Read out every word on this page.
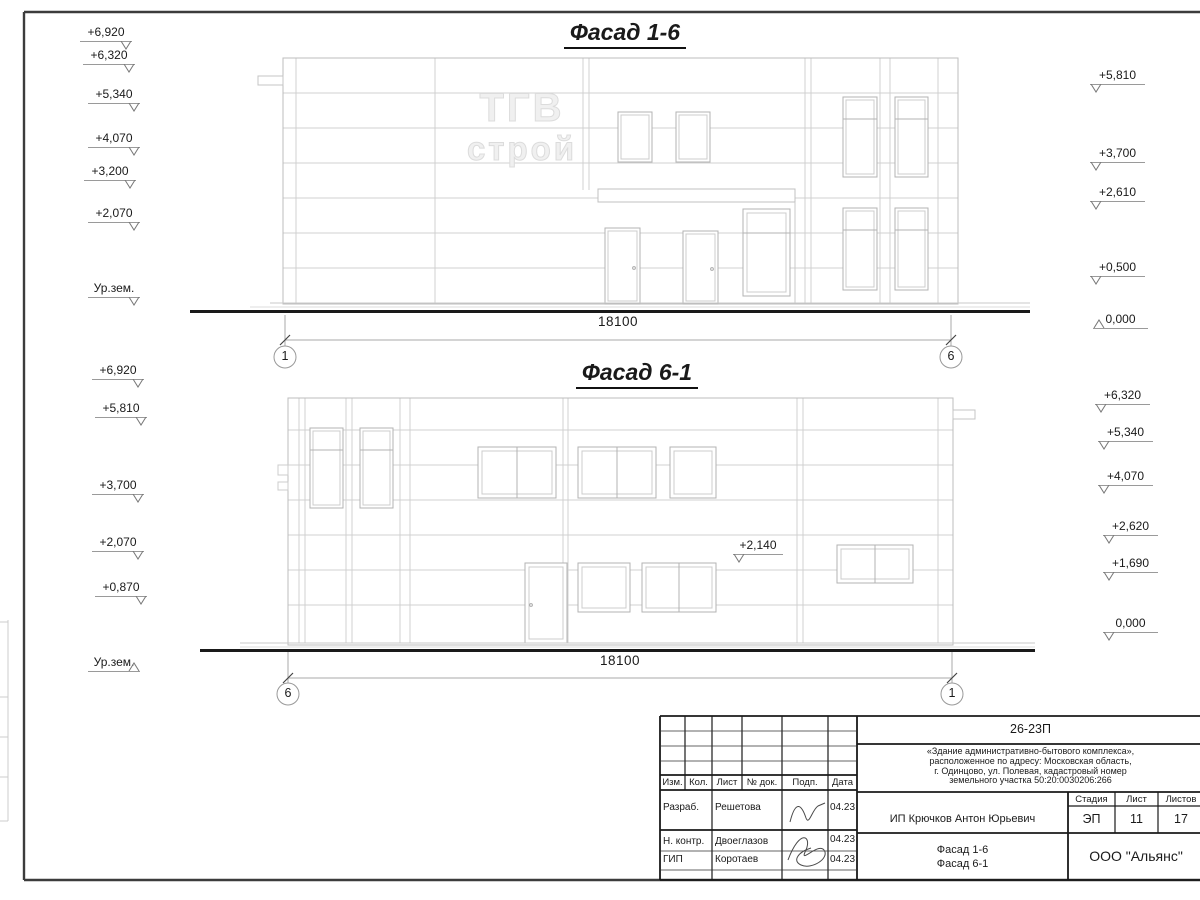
ТГВ
строй
Фасад 1-6
Фасад 6-1
18100
18100
1	6
6	1
+6,920
+6,320
+5,340
+4,070
+3,200
+2,070
Ур.зем.
+5,810
+3,700
+2,610
+0,500
0,000
+6,920
+5,810
+3,700
+2,070
+0,870
Ур.зем.
+6,320
+5,340
+4,070
+2,620
+1,690
0,000
+2,140
26-23П
«Здание административно-бытового комплекса»,
расположенное по адресу: Московская область,
г. Одинцово, ул. Полевая, кадастровый номер
земельного участка 50:20:0030206:266
ИП Крючков Антон Юрьевич
Стадия	Лист	Листов
ЭП	11	17
Фасад 1-6
Фасад 6-1	ООО "Альянс"
Изм. Кол. Лист № док.	Подп.	Дата
Разраб. Решетова	04.23
Н. контр. Двоеглазов	04.23
ГИП	Коротаев	04.23
